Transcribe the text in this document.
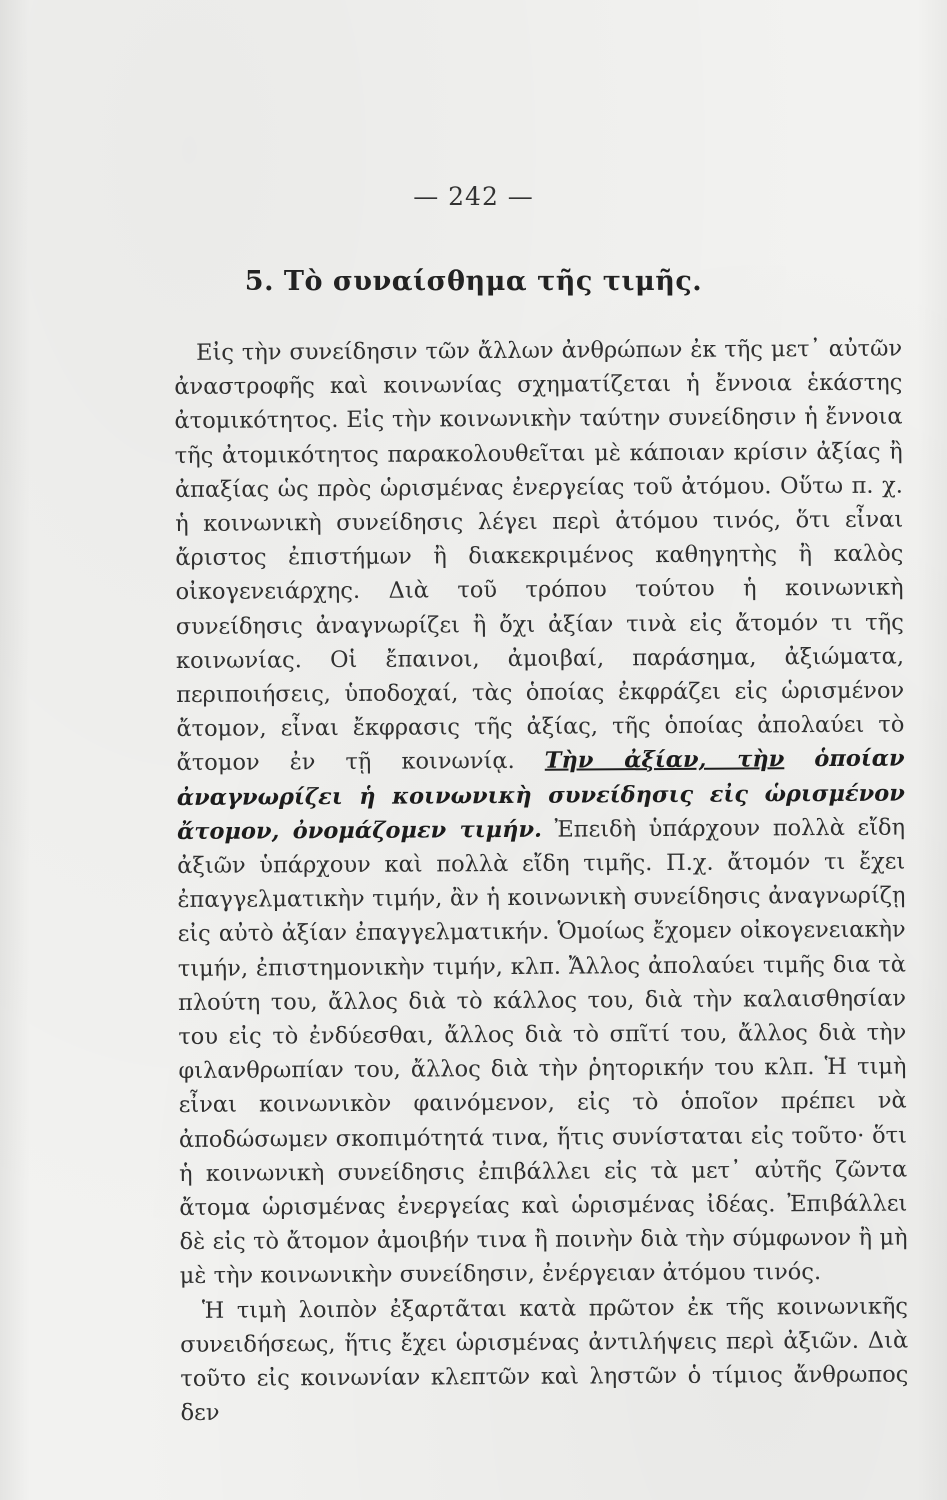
— 242 —
5. Τὸ συναίσθημα τῆς τιμῆς.

Εἰς τὴν συνείδησιν τῶν ἄλλων ἀνθρώπων ἐκ τῆς μετ᾽ αὐτῶν ἀναστροφῆς καὶ κοινωνίας σχηματίζεται ἡ ἔννοια ἑκάστης ἀτομικότητος. Εἰς τὴν κοινωνικὴν ταύτην συνείδησιν ἡ ἔννοια τῆς ἀτομικότητος παρακολουθεῖται μὲ κάποιαν κρίσιν ἀξίας ἢ ἀπαξίας ὡς πρὸς ὡρισμένας ἐνεργείας τοῦ ἀτόμου. Οὕτω π. χ. ἡ κοινωνικὴ συνείδησις λέγει περὶ ἀτόμου τινός, ὅτι εἶναι ἄριστος ἐπιστήμων ἢ διακεκριμένος καθηγητὴς ἢ καλὸς οἰκογενειάρχης. Διὰ τοῦ τρόπου τούτου ἡ κοινωνικὴ συνείδησις ἀναγνωρίζει ἢ ὄχι ἀξίαν τινὰ εἰς ἄτομόν τι τῆς κοινωνίας. Οἱ ἔπαινοι, ἀμοιβαί, παράσημα, ἀξιώματα, περιποιήσεις, ὑποδοχαί, τὰς ὁποίας ἐκφράζει εἰς ὡρισμένον ἄτομον, εἶναι ἔκφρασις τῆς ἀξίας, τῆς ὁποίας ἀπολαύει τὸ ἄτομον ἐν τῇ κοινωνίᾳ. Τὴν ἀξίαν, τὴν ὁποίαν ἀναγνωρίζει ἡ κοινωνικὴ συνείδησις εἰς ὡρισμένον ἄτομον, ὀνομάζομεν τιμήν. Ἐπειδὴ ὑπάρχουν πολλὰ εἴδη ἀξιῶν ὑπάρχουν καὶ πολλὰ εἴδη τιμῆς. Π.χ. ἄτομόν τι ἔχει ἐπαγγελματικὴν τιμήν, ἂν ἡ κοινωνικὴ συνείδησις ἀναγνωρίζῃ εἰς αὐτὸ ἀξίαν ἐπαγγελματικήν. Ὁμοίως ἔχομεν οἰκογενειακὴν τιμήν, ἐπιστημονικὴν τιμήν, κλπ. Ἄλλος ἀπολαύει τιμῆς δια τὰ πλούτη του, ἄλλος διὰ τὸ κάλλος του, διὰ τὴν καλαισθησίαν του εἰς τὸ ἐνδύεσθαι, ἄλλος διὰ τὸ σπῖτί του, ἄλλος διὰ τὴν φιλανθρωπίαν του, ἄλλος διὰ τὴν ῥητορικήν του κλπ. Ἡ τιμὴ εἶναι κοινωνικὸν φαινόμενον, εἰς τὸ ὁποῖον πρέπει νὰ ἀποδώσωμεν σκοπιμότητά τινα, ἥτις συνίσταται εἰς τοῦτο· ὅτι ἡ κοινωνικὴ συνείδησις ἐπιβάλλει εἰς τὰ μετ᾽ αὐτῆς ζῶντα ἄτομα ὡρισμένας ἐνεργείας καὶ ὡρισμένας ἰδέας. Ἐπιβάλλει δὲ εἰς τὸ ἄτομον ἀμοιβήν τινα ἢ ποινὴν διὰ τὴν σύμφωνον ἢ μὴ μὲ τὴν κοινωνικὴν συνείδησιν, ἐνέργειαν ἀτόμου τινός.

Ἡ τιμὴ λοιπὸν ἐξαρτᾶται κατὰ πρῶτον ἐκ τῆς κοινωνικῆς συνειδήσεως, ἥτις ἔχει ὡρισμένας ἀντιλήψεις περὶ ἀξιῶν. Διὰ τοῦτο εἰς κοινωνίαν κλεπτῶν καὶ ληστῶν ὁ τίμιος ἄνθρωπος δεν
